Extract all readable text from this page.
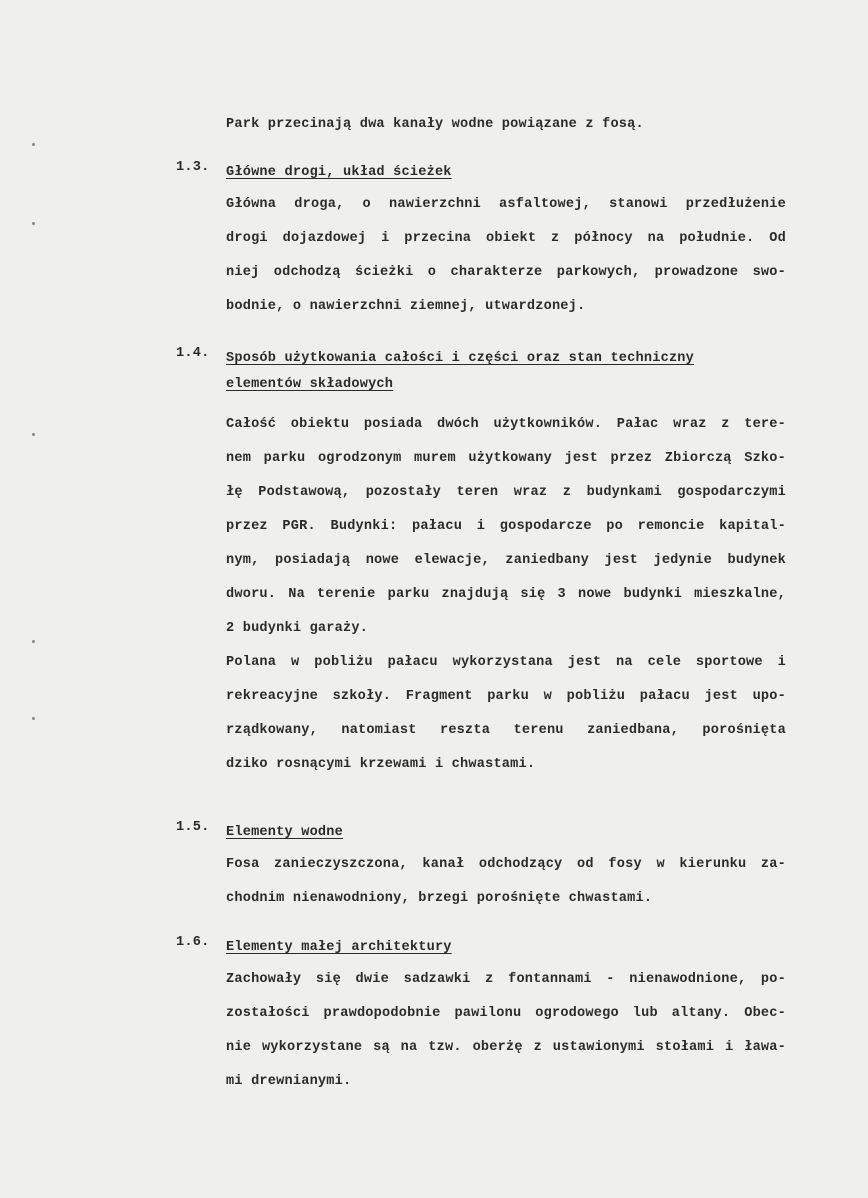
Park przecinają dwa kanały wodne powiązane z fosą.
1.3. Główne drogi, układ ścieżek
Główna droga, o nawierzchni asfaltowej, stanowi przedłużenie
drogi dojazdowej i przecina obiekt z północy na południe. Od
niej odchodzą ścieżki o charakterze parkowych, prowadzone swo-
bodnie, o nawierzchni ziemnej, utwardzonej.
1.4. Sposób użytkowania całości i części oraz stan techniczny
elementów składowych
Całość obiektu posiada dwóch użytkowników. Pałac wraz z tere-
nem parku ogrodzonym murem użytkowany jest przez Zbiorczą Szko-
łę Podstawową, pozostały teren wraz z budynkami gospodarczymi
przez PGR. Budynki: pałacu i gospodarcze po remoncie kapital-
nym, posiadają nowe elewacje, zaniedbany jest jedynie budynek
dworu. Na terenie parku znajdują się 3 nowe budynki mieszkalne,
2 budynki garaży.
Polana w pobliżu pałacu wykorzystana jest na cele sportowe i
rekreacyjne szkoły. Fragment parku w pobliżu pałacu jest upo-
rządkowany, natomiast reszta terenu zaniedbana, porośnięta
dziko rosnącymi krzewami i chwastami.
1.5. Elementy wodne
Fosa zanieczyszczona, kanał odchodzący od fosy w kierunku za-
chodnim nienawodniony, brzegi porośnięte chwastami.
1.6. Elementy małej architektury
Zachowały się dwie sadzawki z fontannami - nienawodnione, po-
zostałości prawdopodobnie pawilonu ogrodowego lub altany. Obec-
nie wykorzystane są na tzw. oberżę z ustawionymi stołami i ława-
mi drewnianymi.
